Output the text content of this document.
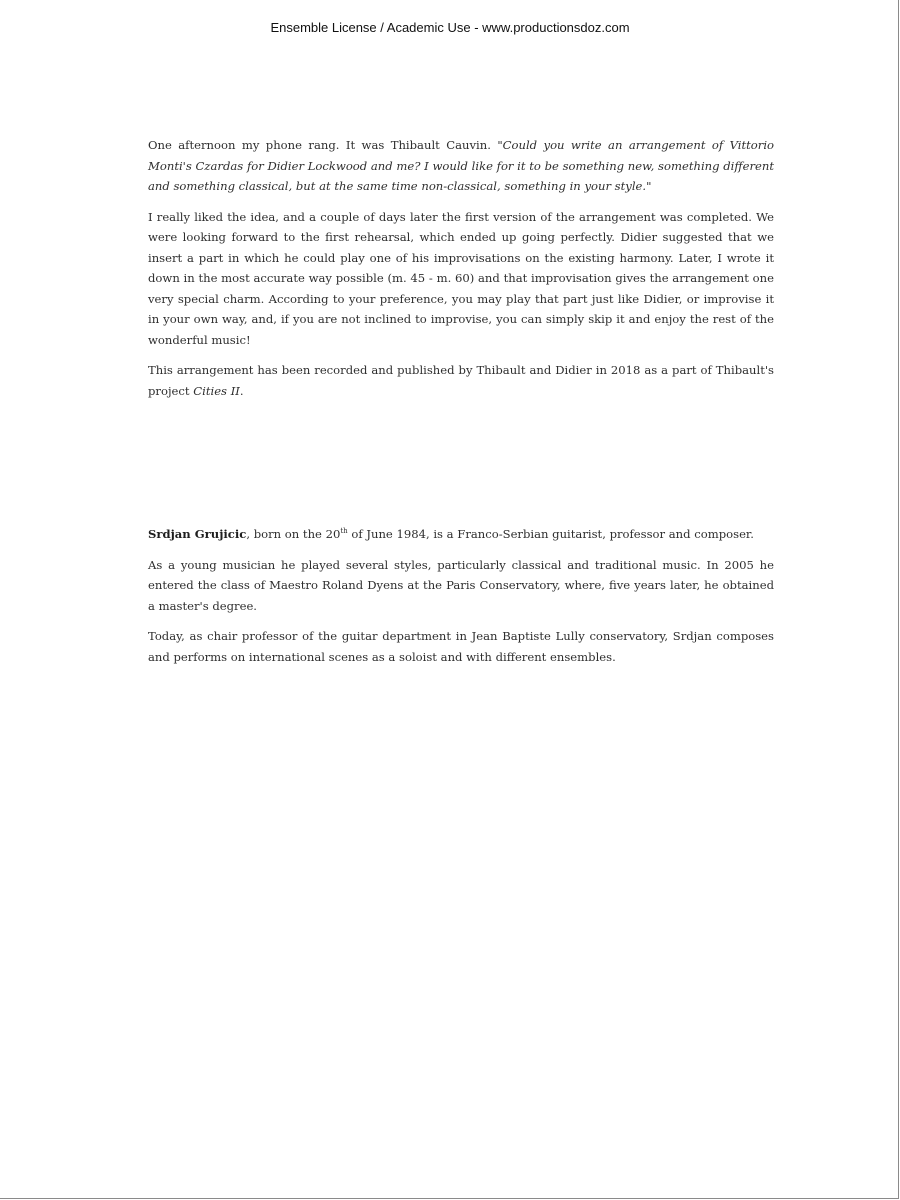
Ensemble License / Academic Use - www.productionsdoz.com

One afternoon my phone rang. It was Thibault Cauvin. "Could you write an arrangement of Vittorio Monti's Czardas for Didier Lockwood and me? I would like for it to be something new, something different and something classical, but at the same time non-classical, something in your style."

I really liked the idea, and a couple of days later the first version of the arrangement was completed. We were looking forward to the first rehearsal, which ended up going perfectly. Didier suggested that we insert a part in which he could play one of his improvisations on the existing harmony. Later, I wrote it down in the most accurate way possible (m. 45 - m. 60) and that improvisation gives the arrangement one very special charm. According to your preference, you may play that part just like Didier, or improvise it in your own way, and, if you are not inclined to improvise, you can simply skip it and enjoy the rest of the wonderful music!

This arrangement has been recorded and published by Thibault and Didier in 2018 as a part of Thibault's project Cities II.

Srdjan Grujicic, born on the 20th of June 1984, is a Franco-Serbian guitarist, professor and composer.

As a young musician he played several styles, particularly classical and traditional music. In 2005 he entered the class of Maestro Roland Dyens at the Paris Conservatory, where, five years later, he obtained a master's degree.

Today, as chair professor of the guitar department in Jean Baptiste Lully conservatory, Srdjan composes and performs on international scenes as a soloist and with different ensembles.
